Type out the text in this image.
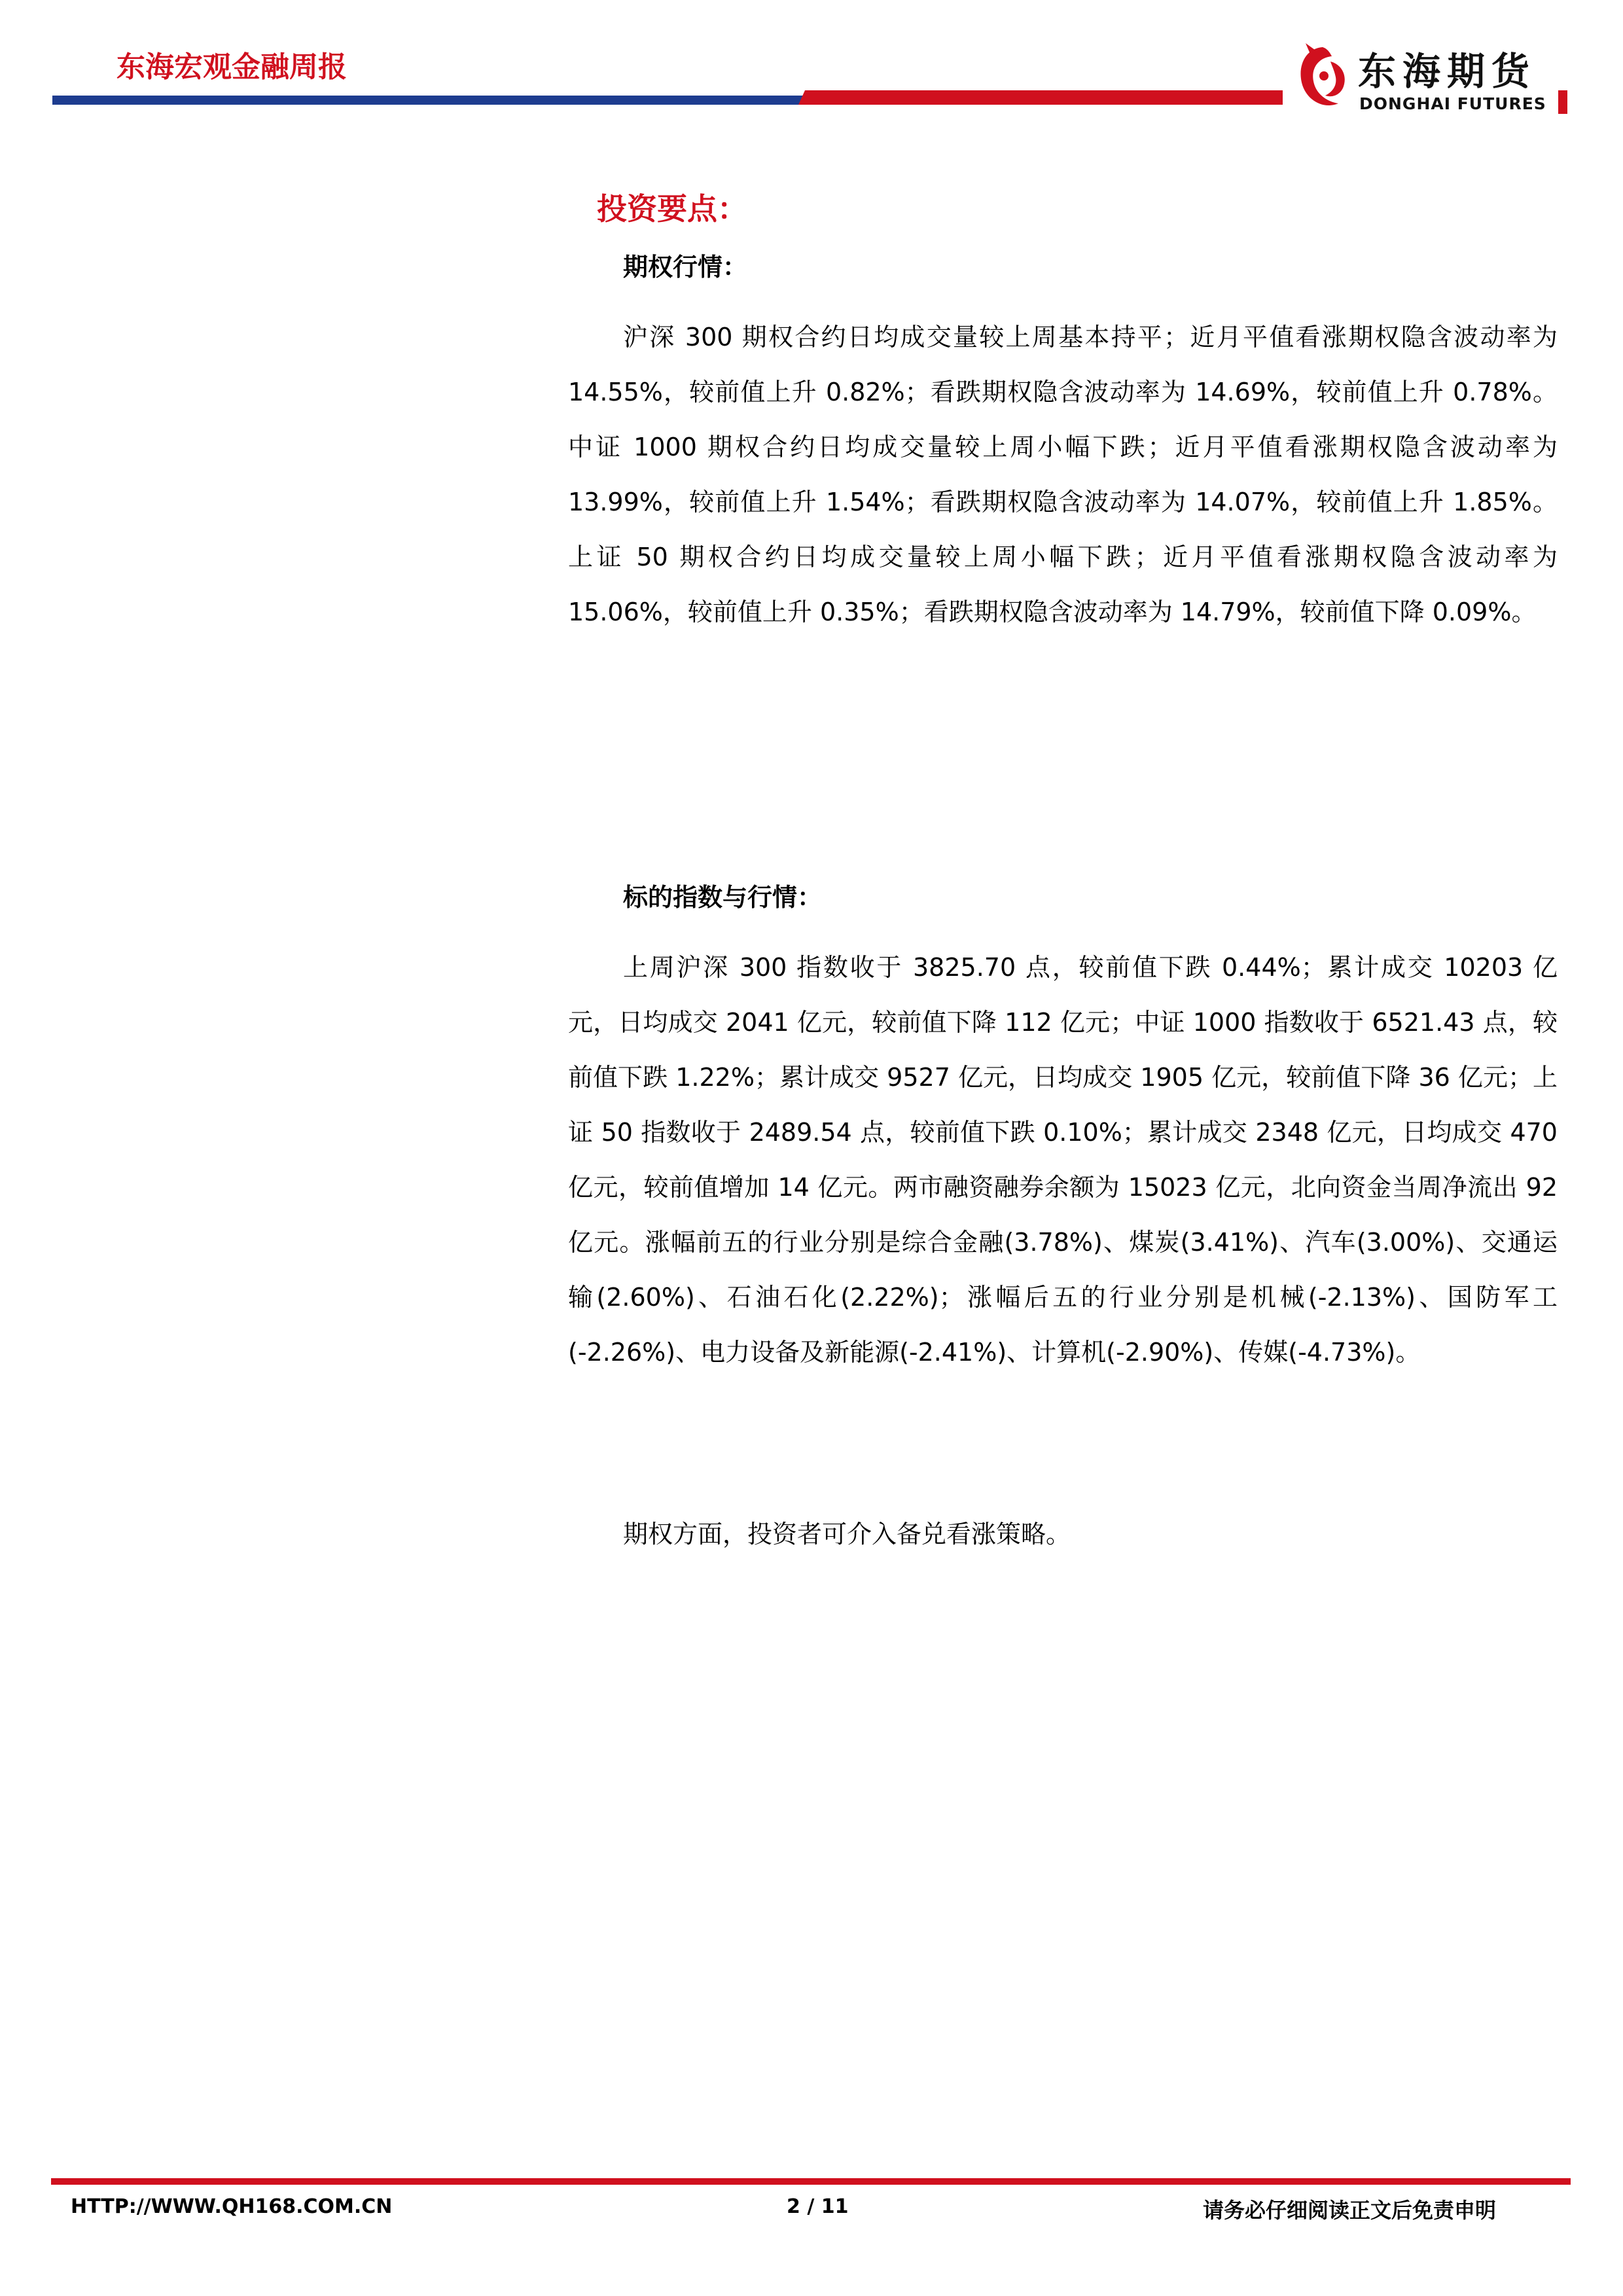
东海宏观金融周报	东海期货
DONGHAI FUTURES
投资要点：
期权行情：

沪深 300 期权合约日均成交量较上周基本持平；近月平值看涨期权隐含波动率为 14.55%，较前值上升 0.82%；看跌期权隐含波动率为 14.69%，较前值上升 0.78%。中证 1000 期权合约日均成交量较上周小幅下跌；近月平值看涨期权隐含波动率为 13.99%，较前值上升 1.54%；看跌期权隐含波动率为 14.07%，较前值上升 1.85%。上证 50 期权合约日均成交量较上周小幅下跌；近月平值看涨期权隐含波动率为 15.06%，较前值上升 0.35%；看跌期权隐含波动率为 14.79%，较前值下降 0.09%。

标的指数与行情：

上周沪深 300 指数收于 3825.70 点，较前值下跌 0.44%；累计成交 10203 亿元，日均成交 2041 亿元，较前值下降 112 亿元；中证 1000 指数收于 6521.43 点，较前值下跌 1.22%；累计成交 9527 亿元，日均成交 1905 亿元，较前值下降 36 亿元；上证 50 指数收于 2489.54 点，较前值下跌 0.10%；累计成交 2348 亿元，日均成交 470 亿元，较前值增加 14 亿元。两市融资融券余额为 15023 亿元，北向资金当周净流出 92 亿元。涨幅前五的行业分别是综合金融(3.78%)、煤炭(3.41%)、汽车(3.00%)、交通运输(2.60%)、石油石化(2.22%)；涨幅后五的行业分别是机械(-2.13%)、国防军工(-2.26%)、电力设备及新能源(-2.41%)、计算机(-2.90%)、传媒(-4.73%)。

期权方面，投资者可介入备兑看涨策略。

HTTP://WWW.QH168.COM.CN	2 / 11	请务必仔细阅读正文后免责申明
